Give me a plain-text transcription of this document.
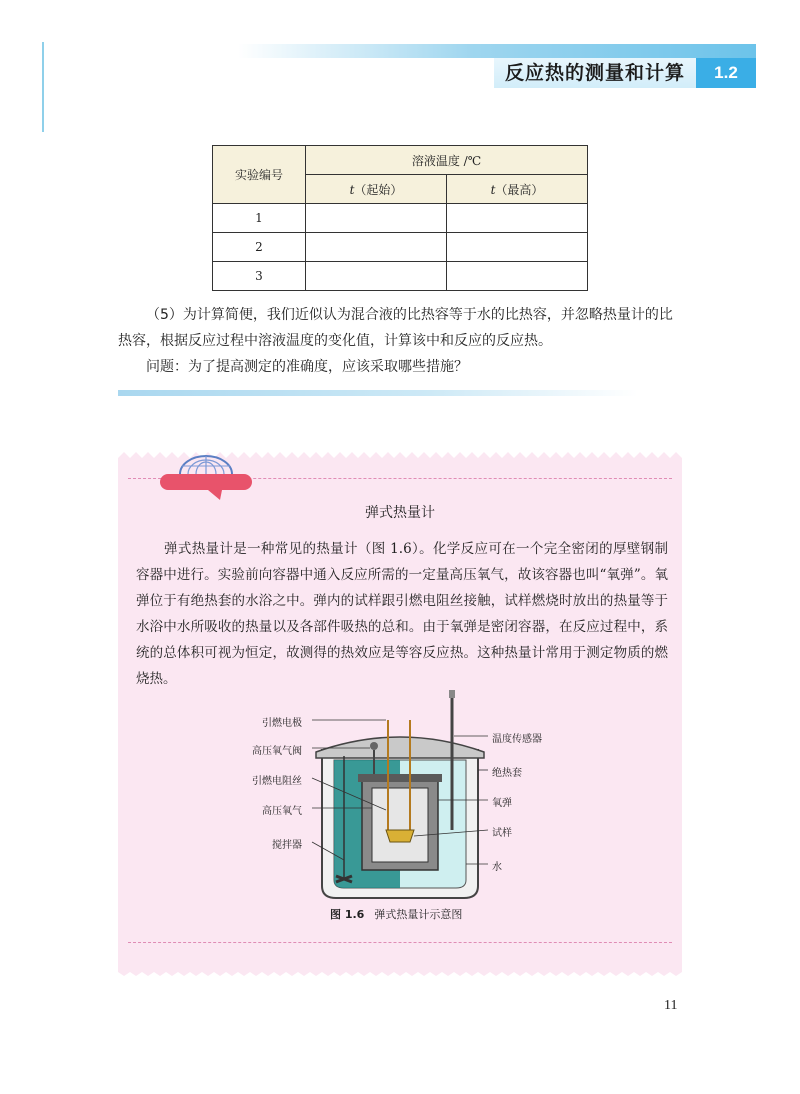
反应热的测量和计算	1.2
实验编号	溶液温度 /℃	
	t（起始）	t（最高）
1		
2		
3		
（5）为计算简便，我们近似认为混合液的比热容等于水的比热容，并忽略热量计的比热容，根据反应过程中溶液温度的变化值，计算该中和反应的反应热。
问题：为了提高测定的准确度，应该采取哪些措施？
弹式热量计
弹式热量计是一种常见的热量计（图 1.6）。化学反应可在一个完全密闭的厚壁钢制容器中进行。实验前向容器中通入反应所需的一定量高压氧气，故该容器也叫“氧弹”。氧弹位于有绝热套的水浴之中。弹内的试样跟引燃电阻丝接触，试样燃烧时放出的热量等于水浴中水所吸收的热量以及各部件吸热的总和。由于氧弹是密闭容器，在反应过程中，系统的总体积可视为恒定，故测得的热效应是等容反应热。这种热量计常用于测定物质的燃烧热。
引燃电极
高压氧气阀
引燃电阻丝
高压氧气
搅拌器
温度传感器
绝热套
氧弹
试样
水
图 1.6 弹式热量计示意图
11
